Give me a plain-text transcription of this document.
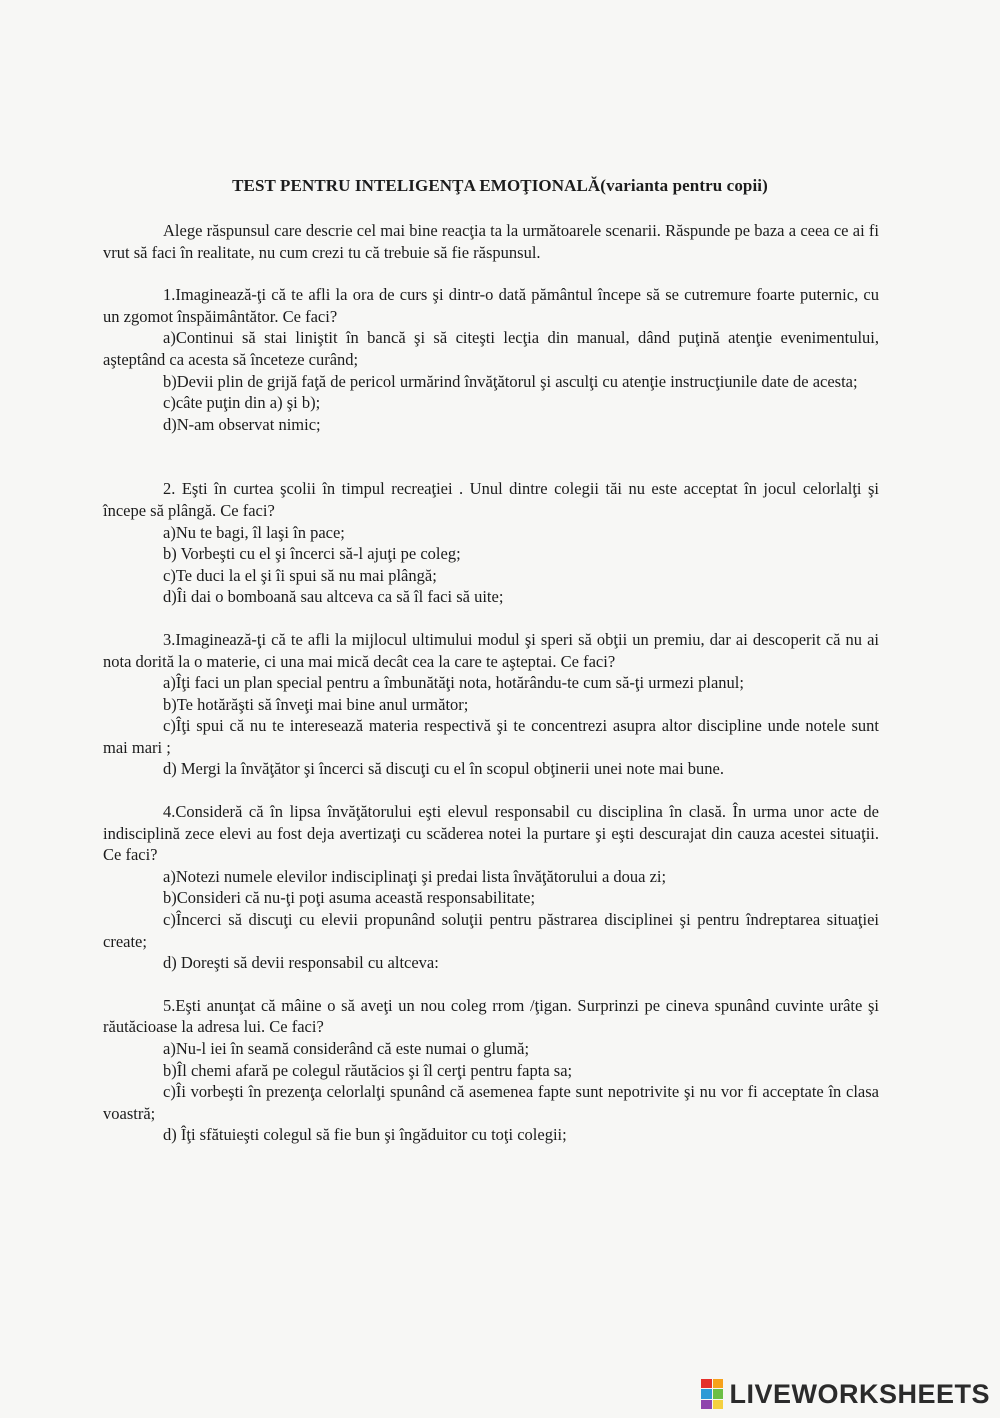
TEST PENTRU INTELIGENŢA EMOŢIONALĂ(varianta pentru copii)

Alege răspunsul care descrie cel mai bine reacţia ta la următoarele scenarii. Răspunde pe baza a ceea ce ai fi vrut să faci în realitate, nu cum crezi tu că trebuie să fie răspunsul.

1.Imaginează-ţi că te afli la ora de curs şi dintr-o dată pământul începe să se cutremure foarte puternic, cu un zgomot înspăimântător. Ce faci?

a)Continui să stai liniştit în bancă şi să citeşti lecţia din manual, dând puţină atenţie evenimentului, aşteptând ca acesta să înceteze curând;

b)Devii plin de grijă faţă de pericol urmărind învăţătorul şi asculţi cu atenţie instrucţiunile date de acesta;

c)câte puţin din a) şi b);

d)N-am observat nimic;

2. Eşti în curtea şcolii în timpul recreaţiei . Unul dintre colegii tăi nu este acceptat în jocul celorlalţi şi începe să plângă. Ce faci?

a)Nu te bagi, îl laşi în pace;

b) Vorbeşti cu el şi încerci să-l ajuţi pe coleg;

c)Te duci la el şi îi spui să nu mai plângă;

d)Îi dai o bomboană sau altceva ca să îl faci să uite;

3.Imaginează-ţi că te afli la mijlocul ultimului modul şi speri să obţii un premiu, dar ai descoperit că nu ai nota dorită la o materie, ci una mai mică decât cea la care te aşteptai. Ce faci?

a)Îţi faci un plan special pentru a îmbunătăţi nota, hotărându-te cum să-ţi urmezi planul;

b)Te hotărăşti să înveţi mai bine anul următor;

c)Îţi spui că nu te interesează materia respectivă şi te concentrezi asupra altor discipline unde notele sunt mai mari ;

d) Mergi la învăţător şi încerci să discuţi cu el în scopul obţinerii unei note mai bune.

4.Consideră că în lipsa învăţătorului eşti elevul responsabil cu disciplina în clasă. În urma unor acte de indisciplină zece elevi au fost deja avertizaţi cu scăderea notei la purtare şi eşti descurajat din cauza acestei situaţii. Ce faci?

a)Notezi numele elevilor indisciplinaţi şi predai lista învăţătorului a doua zi;

b)Consideri că nu-ţi poţi asuma această responsabilitate;

c)Încerci să discuţi cu elevii propunând soluţii pentru păstrarea disciplinei şi pentru îndreptarea situaţiei create;

d) Doreşti să devii responsabil cu altceva:

5.Eşti anunţat că mâine o să aveţi un nou coleg rrom /ţigan. Surprinzi pe cineva spunând cuvinte urâte şi răutăcioase la adresa lui. Ce faci?

a)Nu-l iei în seamă considerând că este numai o glumă;

b)Îl chemi afară pe colegul răutăcios şi îl cerţi pentru fapta sa;

c)Îi vorbeşti în prezenţa celorlalţi spunând că asemenea fapte sunt nepotrivite şi nu vor fi acceptate în clasa voastră;

d) Îţi sfătuieşti colegul să fie bun şi îngăduitor cu toţi colegii;

LIVEWORKSHEETS
